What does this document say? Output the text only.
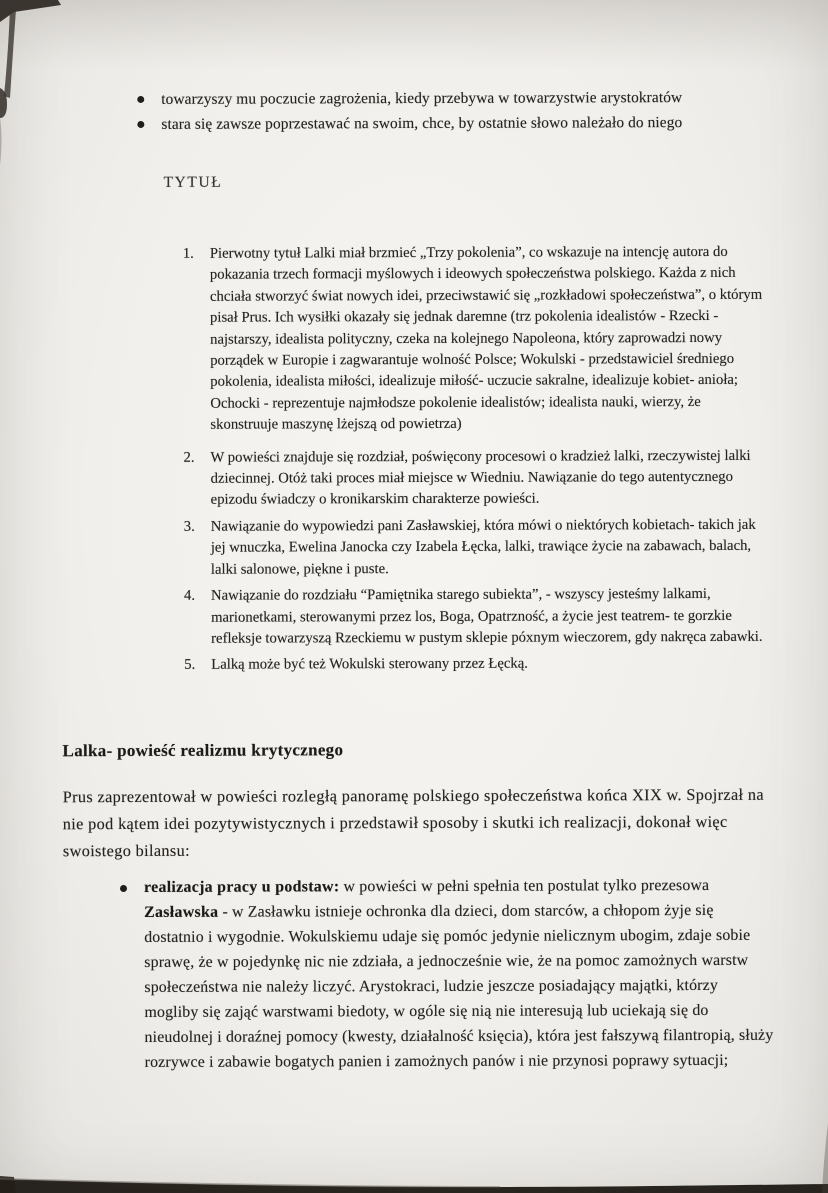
towarzyszy mu poczucie zagrożenia, kiedy przebywa w towarzystwie arystokratów
stara się zawsze poprzestawać na swoim, chce, by ostatnie słowo należało do niego
TYTUŁ
1.	Pierwotny tytuł Lalki miał brzmieć „Trzy pokolenia”, co wskazuje na intencję autora do pokazania trzech formacji myślowych i ideowych społeczeństwa polskiego. Każda z nich chciała stworzyć świat nowych idei, przeciwstawić się „rozkładowi społeczeństwa”, o którym pisał Prus. Ich wysiłki okazały się jednak daremne (trz pokolenia idealistów - Rzecki - najstarszy, idealista polityczny, czeka na kolejnego Napoleona, który zaprowadzi nowy porządek w Europie i zagwarantuje wolność Polsce; Wokulski - przedstawiciel średniego pokolenia, idealista miłości, idealizuje miłość- uczucie sakralne, idealizuje kobiet- anioła; Ochocki - reprezentuje najmłodsze pokolenie idealistów; idealista nauki, wierzy, że skonstruuje maszynę lżejszą od powietrza)
2.	W powieści znajduje się rozdział, poświęcony procesowi o kradzież lalki, rzeczywistej lalki dziecinnej. Otóż taki proces miał miejsce w Wiedniu. Nawiązanie do tego autentycznego epizodu świadczy o kronikarskim charakterze powieści.
3.	Nawiązanie do wypowiedzi pani Zasławskiej, która mówi o niektórych kobietach- takich jak jej wnuczka, Ewelina Janocka czy Izabela Łęcka, lalki, trawiące życie na zabawach, balach, lalki salonowe, piękne i puste.
4.	Nawiązanie do rozdziału “Pamiętnika starego subiekta”, - wszyscy jesteśmy lalkami, marionetkami, sterowanymi przez los, Boga, Opatrzność, a życie jest teatrem- te gorzkie refleksje towarzyszą Rzeckiemu w pustym sklepie póxnym wieczorem, gdy nakręca zabawki.
5.	Lalką może być też Wokulski sterowany przez Łęcką.
Lalka- powieść realizmu krytycznego

Prus zaprezentował w powieści rozległą panoramę polskiego społeczeństwa końca XIX w. Spojrzał na nie pod kątem idei pozytywistycznych i przedstawił sposoby i skutki ich realizacji, dokonał więc swoistego bilansu:

realizacja pracy u podstaw: w powieści w pełni spełnia ten postulat tylko prezesowa Zasławska - w Zasławku istnieje ochronka dla dzieci, dom starców, a chłopom żyje się dostatnio i wygodnie. Wokulskiemu udaje się pomóc jedynie nielicznym ubogim, zdaje sobie sprawę, że w pojedynkę nic nie zdziała, a jednocześnie wie, że na pomoc zamożnych warstw społeczeństwa nie należy liczyć. Arystokraci, ludzie jeszcze posiadający majątki, którzy mogliby się zająć warstwami biedoty, w ogóle się nią nie interesują lub uciekają się do nieudolnej i doraźnej pomocy (kwesty, działalność księcia), która jest fałszywą filantropią, służy rozrywce i zabawie bogatych panien i zamożnych panów i nie przynosi poprawy sytuacji;
